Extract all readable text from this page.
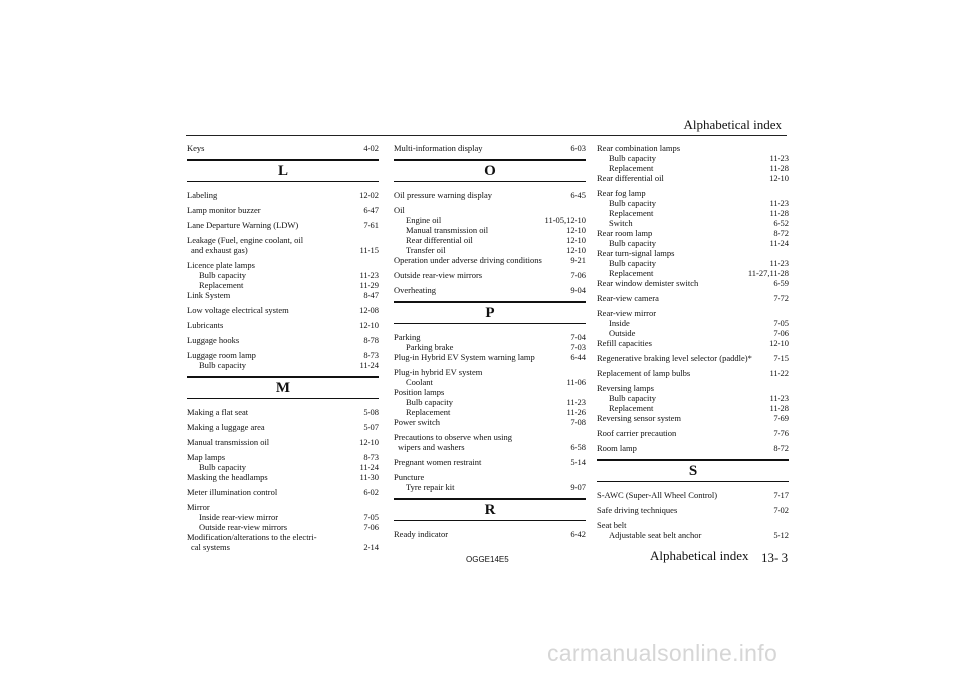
Alphabetical index
Keys	4-02
L
Labeling	12-02
Lamp monitor buzzer	6-47
Lane Departure Warning (LDW)	7-61
Leakage (Fuel, engine coolant, oil
and exhaust gas)	11-15
Licence plate lamps
Bulb capacity	11-23
Replacement	11-29
Link System	8-47
Low voltage electrical system	12-08
Lubricants	12-10
Luggage hooks	8-78
Luggage room lamp	8-73
Bulb capacity	11-24
M
Making a flat seat	5-08
Making a luggage area	5-07
Manual transmission oil	12-10
Map lamps	8-73
Bulb capacity	11-24
Masking the headlamps	11-30
Meter illumination control	6-02
Mirror
Inside rear-view mirror	7-05
Outside rear-view mirrors	7-06
Modification/alterations to the electri-
cal systems	2-14
Multi-information display	6-03
O
Oil pressure warning display	6-45
Oil
Engine oil	11-05,12-10
Manual transmission oil	12-10
Rear differential oil	12-10
Transfer oil	12-10
Operation under adverse driving conditions	9-21
Outside rear-view mirrors	7-06
Overheating	9-04
P
Parking	7-04
Parking brake	7-03
Plug-in Hybrid EV System warning lamp	6-44
Plug-in hybrid EV system
Coolant	11-06
Position lamps
Bulb capacity	11-23
Replacement	11-26
Power switch	7-08
Precautions to observe when using
wipers and washers	6-58
Pregnant women restraint	5-14
Puncture
Tyre repair kit	9-07
R
Ready indicator	6-42
Rear combination lamps
Bulb capacity	11-23
Replacement	11-28
Rear differential oil	12-10
Rear fog lamp
Bulb capacity	11-23
Replacement	11-28
Switch	6-52
Rear room lamp	8-72
Bulb capacity	11-24
Rear turn-signal lamps
Bulb capacity	11-23
Replacement	11-27,11-28
Rear window demister switch	6-59
Rear-view camera	7-72
Rear-view mirror
Inside	7-05
Outside	7-06
Refill capacities	12-10
Regenerative braking level selector (paddle)*	7-15
Replacement of lamp bulbs	11-22
Reversing lamps
Bulb capacity	11-23
Replacement	11-28
Reversing sensor system	7-69
Roof carrier precaution	7-76
Room lamp	8-72
S
S-AWC (Super-All Wheel Control)	7-17
Safe driving techniques	7-02
Seat belt
Adjustable seat belt anchor	5-12
OGGE14E5	Alphabetical index 13- 3
carmanualsonline.info
